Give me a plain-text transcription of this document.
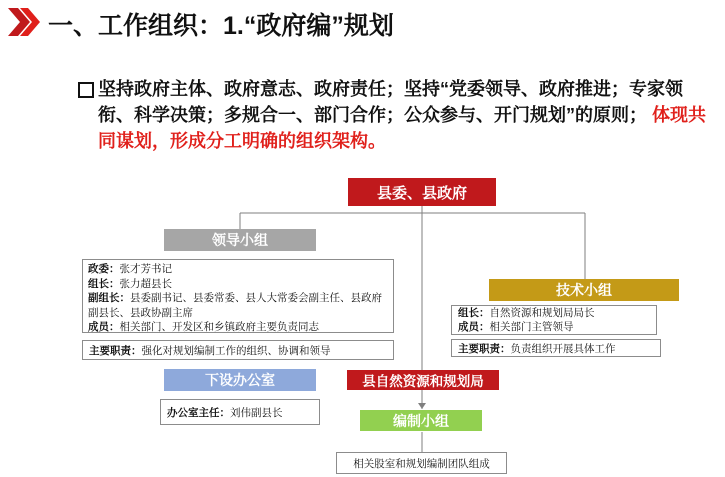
一、工作组织：1.“政府编”规划
坚持政府主体、政府意志、政府责任；坚持“党委领导、政府推进；专家领衔、科学决策；多规合一、部门合作；公众参与、开门规划”的原则； 体现共同谋划，形成分工明确的组织架构。
县委、县政府
领导小组
政委：张才芳书记
组长：张力超县长
副组长：县委副书记、县委常委、县人大常委会副主任、县政府副县长、县政协副主席
成员：相关部门、开发区和乡镇政府主要负责同志
主要职责： 强化对规划编制工作的组织、协调和领导
下设办公室
办公室主任： 刘伟副县长
技术小组
组长：自然资源和规划局局长
成员：相关部门主管领导
主要职责： 负责组织开展具体工作
县自然资源和规划局
编制小组
相关股室和规划编制团队组成
